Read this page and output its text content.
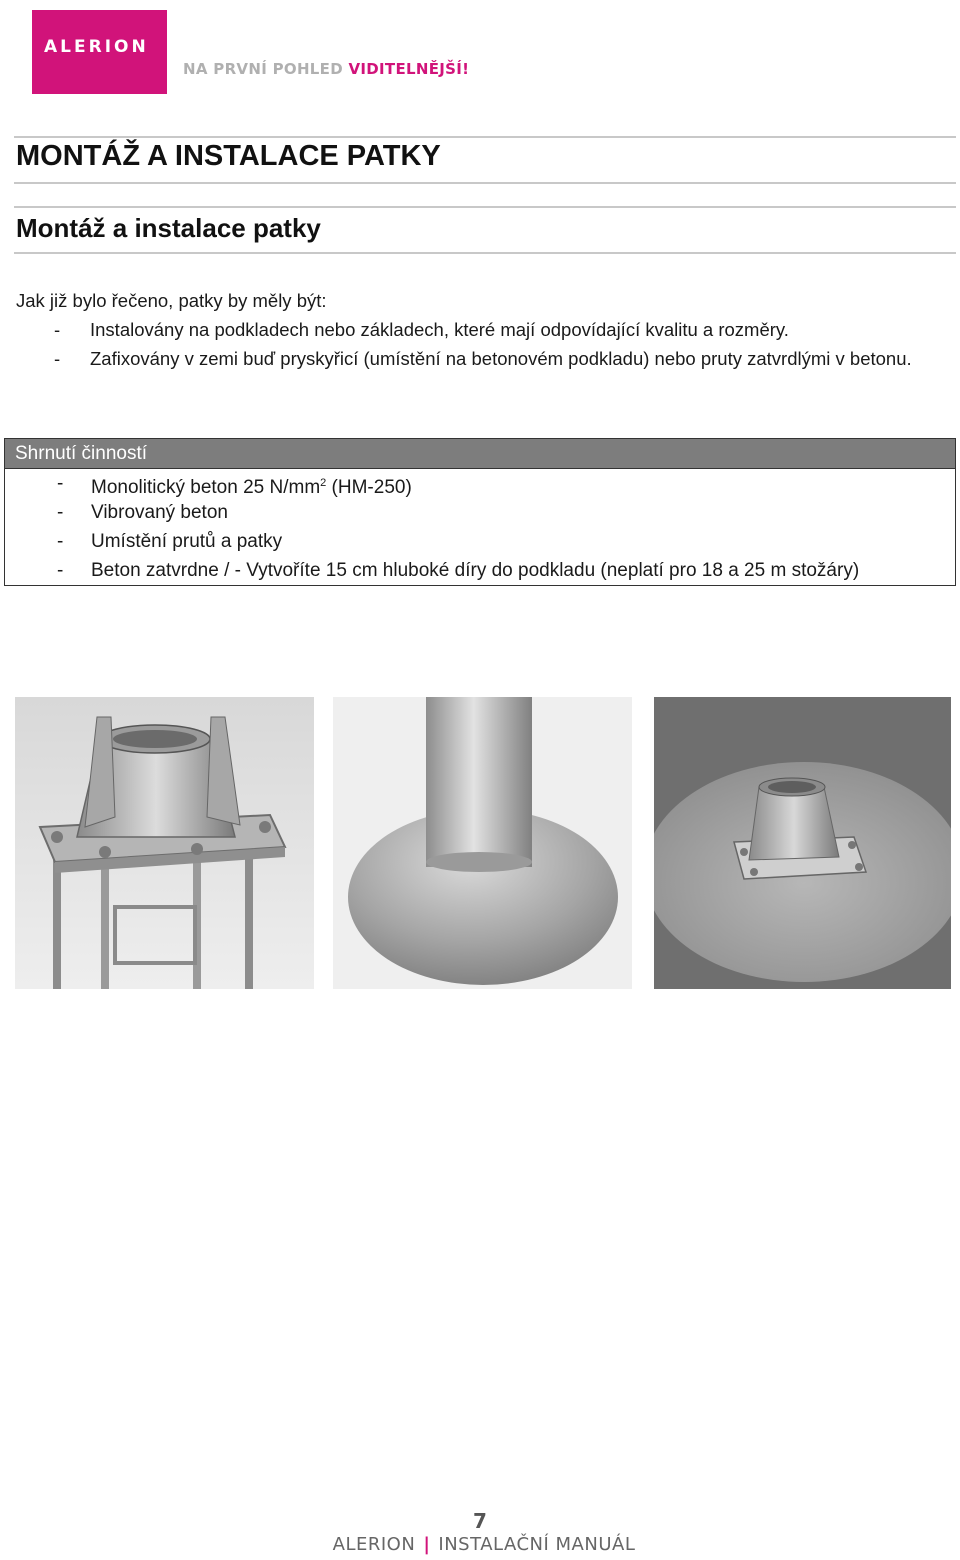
ALERION
NA PRVNÍ POHLED VIDITELNĚJŠÍ!
MONTÁŽ A INSTALACE PATKY
Montáž a instalace patky
Jak již bylo řečeno, patky by měly být:
- Instalovány na podkladech nebo základech, které mají odpovídající kvalitu a rozměry.
- Zafixovány v zemi buď pryskyřicí (umístění na betonovém podkladu) nebo pruty zatvrdlými v betonu.
Shrnutí činností
- Monolitický beton 25 $N/mm^2$ (HM-250)
- Vibrovaný beton
- Umístění prutů a patky
- Beton zatvrdne / - Vytvoříte 15 cm hluboké díry do podkladu (neplatí pro 18 a 25 m stožáry)
7
ALERION | INSTALAČNÍ MANUÁL
